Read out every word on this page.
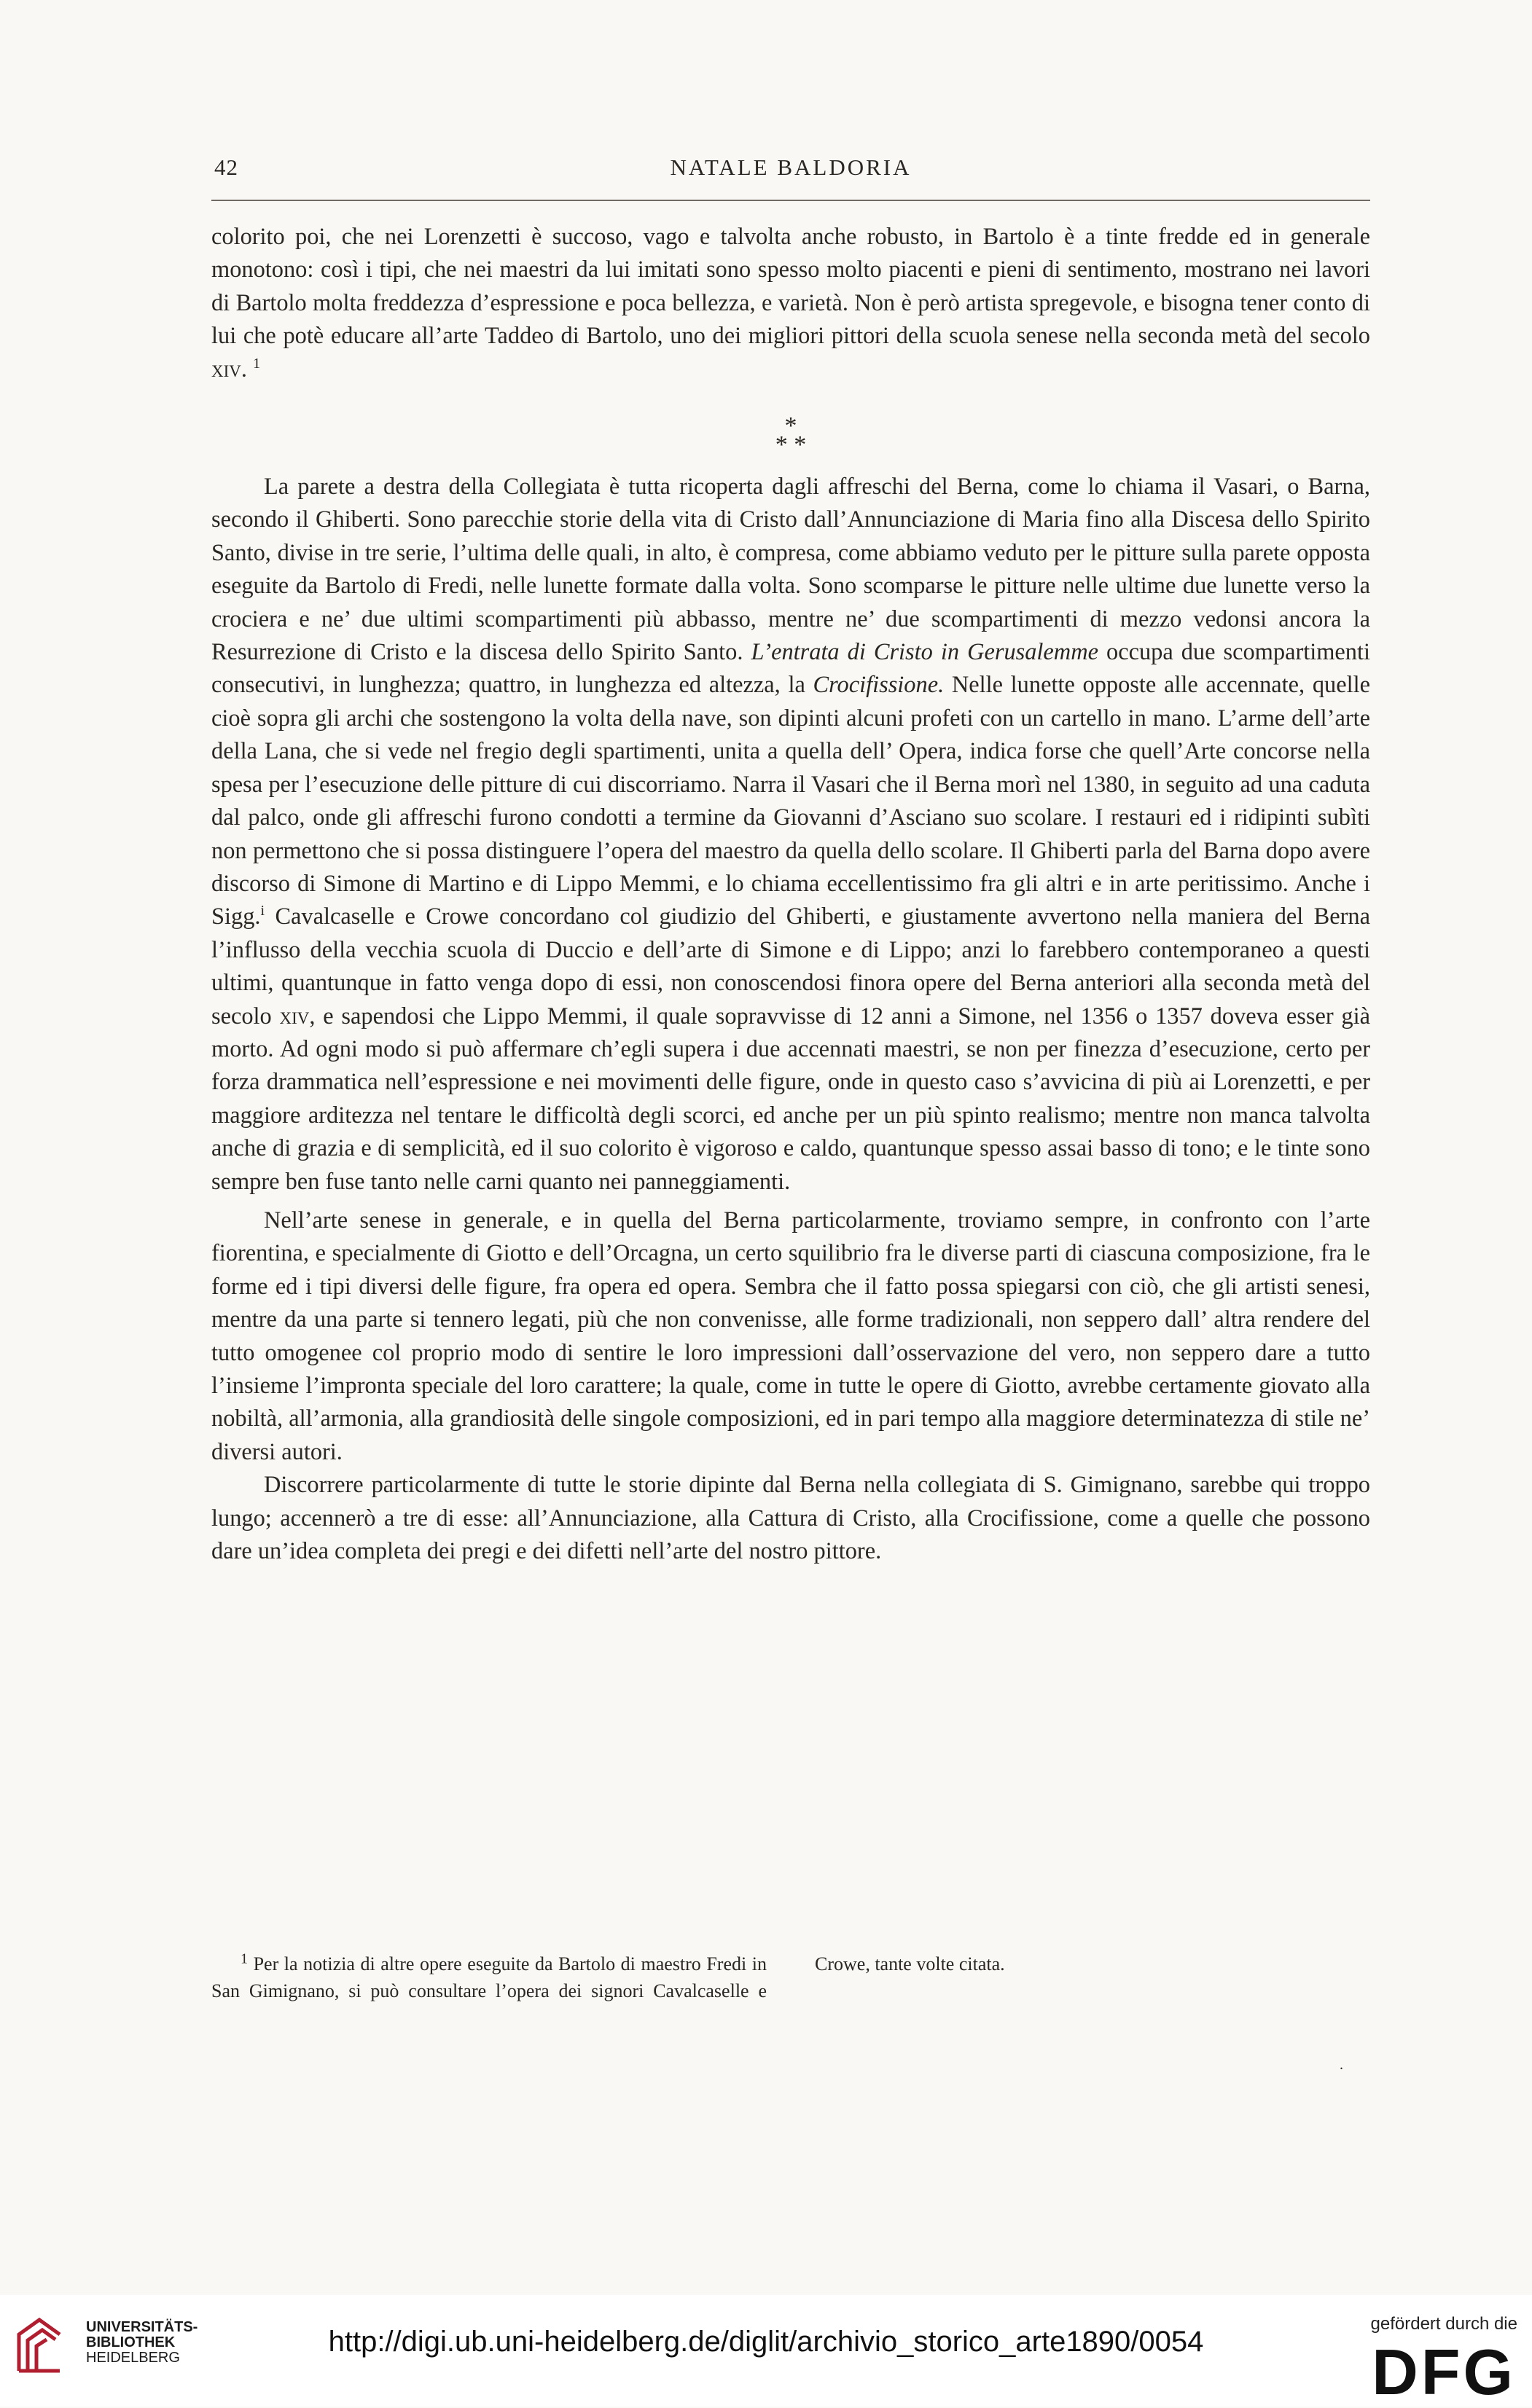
42	NATALE BALDORIA

colorito poi, che nei Lorenzetti è succoso, vago e talvolta anche robusto, in Bartolo è a tinte fredde ed in generale monotono: così i tipi, che nei maestri da lui imitati sono spesso molto piacenti e pieni di sentimento, mostrano nei lavori di Bartolo molta freddezza d’espressione e poca bellezza, e varietà. Non è però artista spregevole, e bisogna tener conto di lui che potè educare all’arte Taddeo di Bartolo, uno dei migliori pittori della scuola senese nella seconda metà del secolo xiv. $^1$

*
* *

La parete a destra della Collegiata è tutta ricoperta dagli affreschi del Berna, come lo chiama il Vasari, o Barna, secondo il Ghiberti. Sono parecchie storie della vita di Cristo dall’Annunciazione di Maria fino alla Discesa dello Spirito Santo, divise in tre serie, l’ultima delle quali, in alto, è compresa, come abbiamo veduto per le pitture sulla parete opposta eseguite da Bartolo di Fredi, nelle lunette formate dalla volta. Sono scomparse le pitture nelle ultime due lunette verso la crociera e ne’ due ultimi scompartimenti più abbasso, mentre ne’ due scompartimenti di mezzo vedonsi ancora la Resurrezione di Cristo e la discesa dello Spirito Santo. L’entrata di Cristo in Gerusalemme occupa due scompartimenti consecutivi, in lunghezza; quattro, in lunghezza ed altezza, la Crocifissione. Nelle lunette opposte alle accennate, quelle cioè sopra gli archi che sostengono la volta della nave, son dipinti alcuni profeti con un cartello in mano. L’arme dell’arte della Lana, che si vede nel fregio degli spartimenti, unita a quella dell’ Opera, indica forse che quell’Arte concorse nella spesa per l’esecuzione delle pitture di cui discorriamo. Narra il Vasari che il Berna morì nel 1380, in seguito ad una caduta dal palco, onde gli affreschi furono condotti a termine da Giovanni d’Asciano suo scolare. I restauri ed i ridipinti subìti non permettono che si possa distinguere l’opera del maestro da quella dello scolare. Il Ghiberti parla del Barna dopo avere discorso di Simone di Martino e di Lippo Memmi, e lo chiama eccellentissimo fra gli altri e in arte peritissimo. Anche i Sigg.$^i$ Cavalcaselle e Crowe concordano col giudizio del Ghiberti, e giustamente avvertono nella maniera del Berna l’influsso della vecchia scuola di Duccio e dell’arte di Simone e di Lippo; anzi lo farebbero contemporaneo a questi ultimi, quantunque in fatto venga dopo di essi, non conoscendosi finora opere del Berna anteriori alla seconda metà del secolo xiv, e sapendosi che Lippo Memmi, il quale sopravvisse di 12 anni a Simone, nel 1356 o 1357 doveva esser già morto. Ad ogni modo si può affermare ch’egli supera i due accennati maestri, se non per finezza d’esecuzione, certo per forza drammatica nell’espressione e nei movimenti delle figure, onde in questo caso s’avvicina di più ai Lorenzetti, e per maggiore arditezza nel tentare le difficoltà degli scorci, ed anche per un più spinto realismo; mentre non manca talvolta anche di grazia e di semplicità, ed il suo colorito è vigoroso e caldo, quantunque spesso assai basso di tono; e le tinte sono sempre ben fuse tanto nelle carni quanto nei panneggiamenti.

Nell’arte senese in generale, e in quella del Berna particolarmente, troviamo sempre, in confronto con l’arte fiorentina, e specialmente di Giotto e dell’Orcagna, un certo squilibrio fra le diverse parti di ciascuna composizione, fra le forme ed i tipi diversi delle figure, fra opera ed opera. Sembra che il fatto possa spiegarsi con ciò, che gli artisti senesi, mentre da una parte si tennero legati, più che non convenisse, alle forme tradizionali, non seppero dall’ altra rendere del tutto omogenee col proprio modo di sentire le loro impressioni dall’osservazione del vero, non seppero dare a tutto l’insieme l’impronta speciale del loro carattere; la quale, come in tutte le opere di Giotto, avrebbe certamente giovato alla nobiltà, all’armonia, alla grandiosità delle singole composizioni, ed in pari tempo alla maggiore determinatezza di stile ne’ diversi autori.

Discorrere particolarmente di tutte le storie dipinte dal Berna nella collegiata di S. Gimignano, sarebbe qui troppo lungo; accennerò a tre di esse: all’Annunciazione, alla Cattura di Cristo, alla Crocifissione, come a quelle che possono dare un’idea completa dei pregi e dei difetti nell’arte del nostro pittore.

$^1$ Per la notizia di altre opere eseguite da Bartolo di maestro Fredi in San Gimignano, si può consultare l’opera dei signori Cavalcaselle e Crowe, tante volte citata.

.
UNIVERSITÄTS-
BIBLIOTHEK
HEIDELBERG	http://digi.ub.uni-heidelberg.de/diglit/archivio_storico_arte1890/0054
gefördert durch die
DFG
